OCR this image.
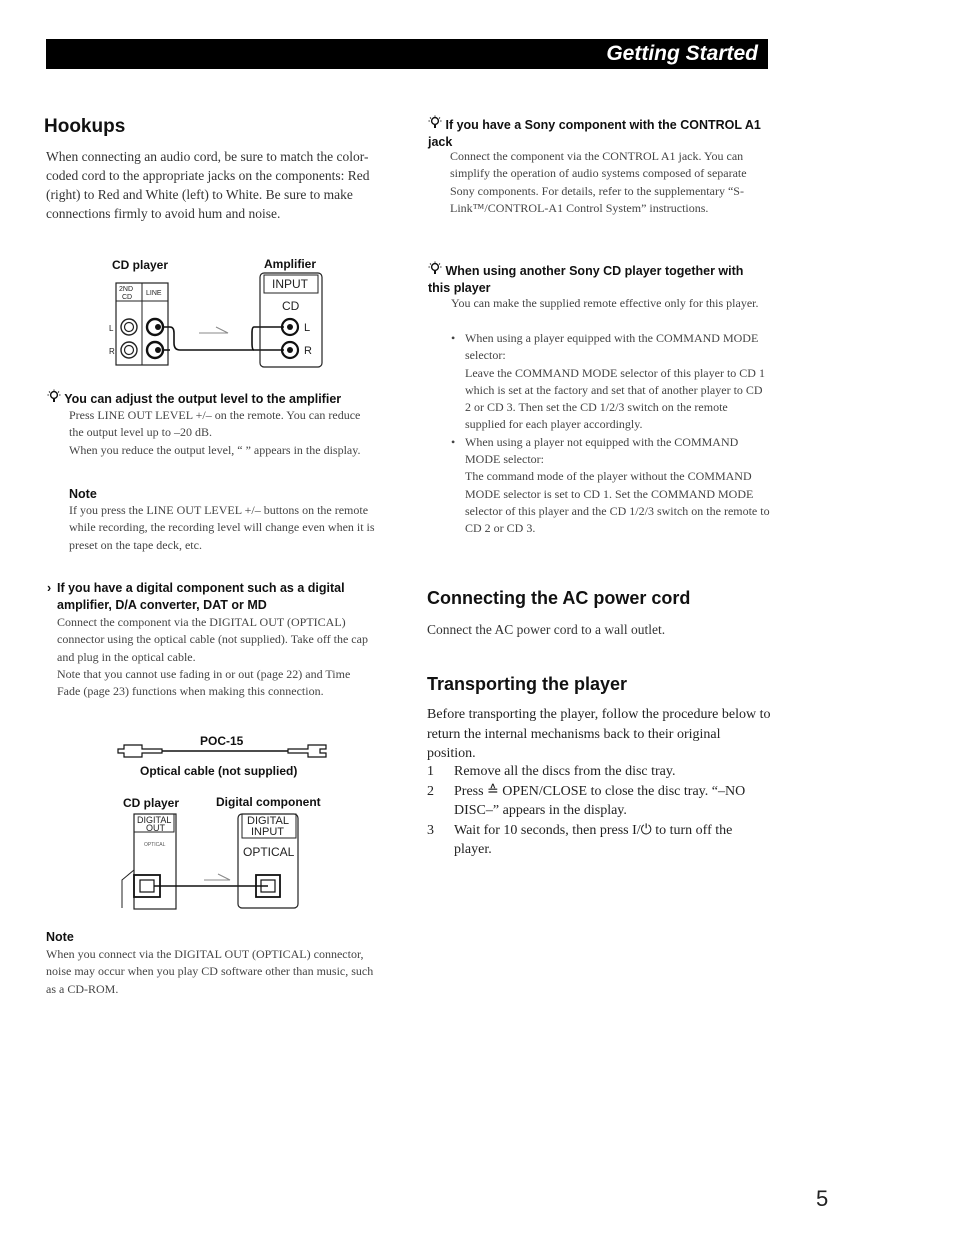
Getting Started
Hookups
When connecting an audio cord, be sure to match the color-coded cord to the appropriate jacks on the components: Red (right) to Red and White (left) to White. Be sure to make connections firmly to avoid hum and noise.
CD player	Amplifier
2ND
CD
LINE
L
R
INPUT
CD
L
R
You can adjust the output level to the amplifier
Press LINE OUT LEVEL +/– on the remote. You can reduce the output level up to –20 dB.
When you reduce the output level, “ ” appears in the display.
Note
If you press the LINE OUT LEVEL +/– buttons on the remote while recording, the recording level will change even when it is preset on the tape deck, etc.
› If you have a digital component such as a digital amplifier, D/A converter, DAT or MD
Connect the component via the DIGITAL OUT (OPTICAL) connector using the optical cable (not supplied). Take off the cap and plug in the optical cable.
Note that you cannot use fading in or out (page 22) and Time Fade (page 23) functions when making this connection.
POC-15
Optical cable (not supplied)
CD player	Digital component
DIGITAL
OUT
OPTICAL
DIGITAL
INPUT
OPTICAL
Note
When you connect via the DIGITAL OUT (OPTICAL) connector, noise may occur when you play CD software other than music, such as a CD-ROM.
If you have a Sony component with the CONTROL A1 jack
Connect the component via the CONTROL A1 jack. You can simplify the operation of audio systems composed of separate Sony components. For details, refer to the supplementary “S-Link™/CONTROL-A1 Control System” instructions.
When using another Sony CD player together with this player
You can make the supplied remote effective only for this player.
• When using a player equipped with the COMMAND MODE selector:
Leave the COMMAND MODE selector of this player to CD 1 which is set at the factory and set that of another player to CD 2 or CD 3. Then set the CD 1/2/3 switch on the remote supplied for each player accordingly.
• When using a player not equipped with the COMMAND MODE selector:
The command mode of the player without the COMMAND MODE selector is set to CD 1. Set the COMMAND MODE selector of this player and the CD 1/2/3 switch on the remote to CD 2 or CD 3.
Connecting the AC power cord
Connect the AC power cord to a wall outlet.
Transporting the player
Before transporting the player, follow the procedure below to return the internal mechanisms back to their original position.
1 Remove all the discs from the disc tray.
2 Press ≙ OPEN/CLOSE to close the disc tray. “–NO DISC–” appears in the display.
3 Wait for 10 seconds, then press I/⏻ to turn off the player.
5
